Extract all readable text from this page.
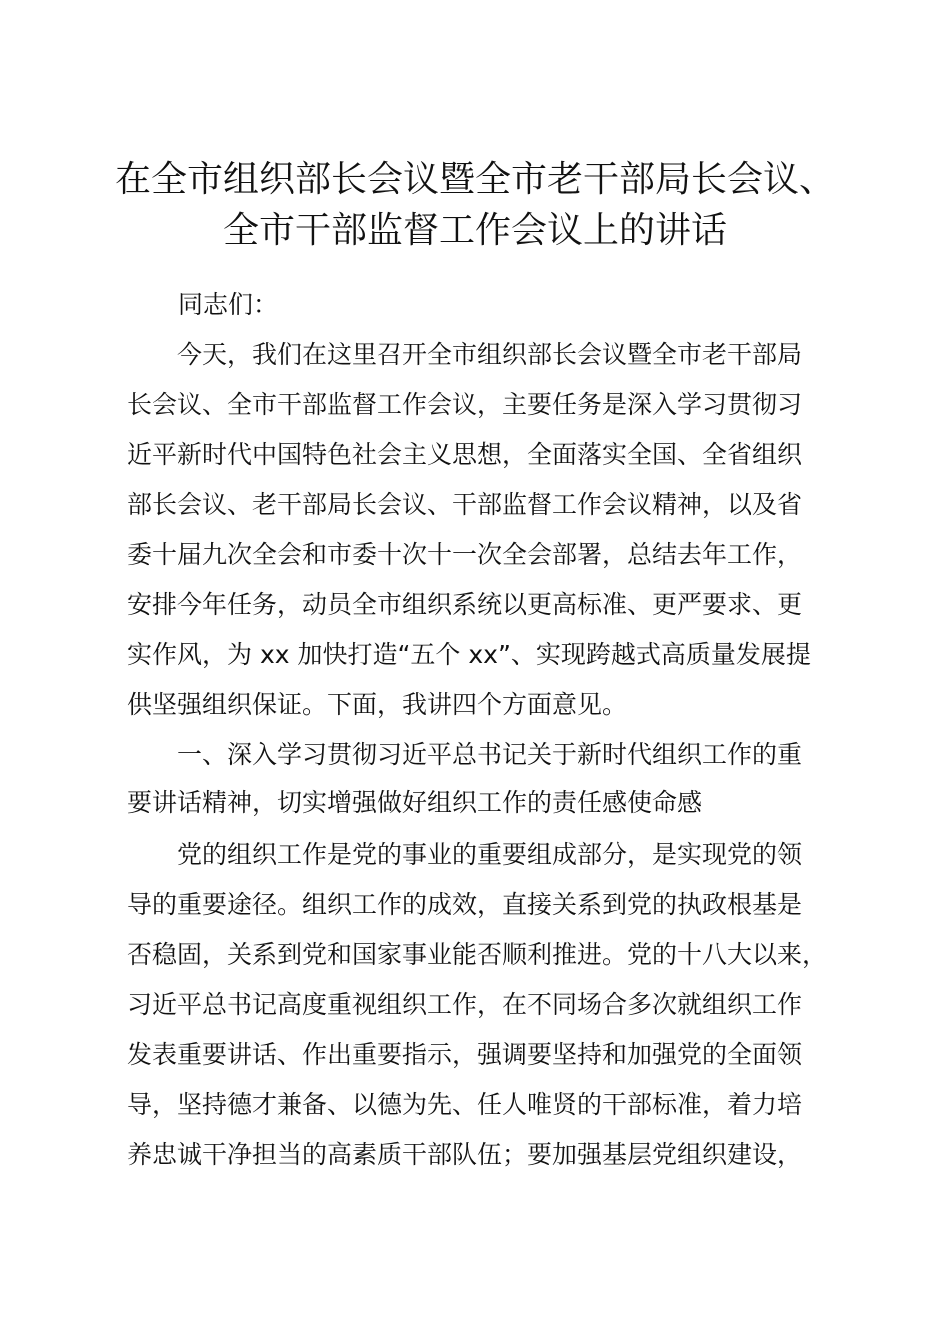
在全市组织部长会议暨全市老干部局长会议、
全市干部监督工作会议上的讲话

同志们：

　　今天，我们在这里召开全市组织部长会议暨全市老干部局

长会议、全市干部监督工作会议，主要任务是深入学习贯彻习

近平新时代中国特色社会主义思想，全面落实全国、全省组织

部长会议、老干部局长会议、干部监督工作会议精神，以及省

委十届九次全会和市委十次十一次全会部署，总结去年工作，

安排今年任务，动员全市组织系统以更高标准、更严要求、更

实作风，为 xx 加快打造“五个 xx”、实现跨越式高质量发展提

供坚强组织保证。下面，我讲四个方面意见。

　　一、深入学习贯彻习近平总书记关于新时代组织工作的重

要讲话精神，切实增强做好组织工作的责任感使命感

　　党的组织工作是党的事业的重要组成部分，是实现党的领

导的重要途径。组织工作的成效，直接关系到党的执政根基是

否稳固，关系到党和国家事业能否顺利推进。党的十八大以来，

习近平总书记高度重视组织工作，在不同场合多次就组织工作

发表重要讲话、作出重要指示，强调要坚持和加强党的全面领

导，坚持德才兼备、以德为先、任人唯贤的干部标准，着力培

养忠诚干净担当的高素质干部队伍；要加强基层党组织建设，
